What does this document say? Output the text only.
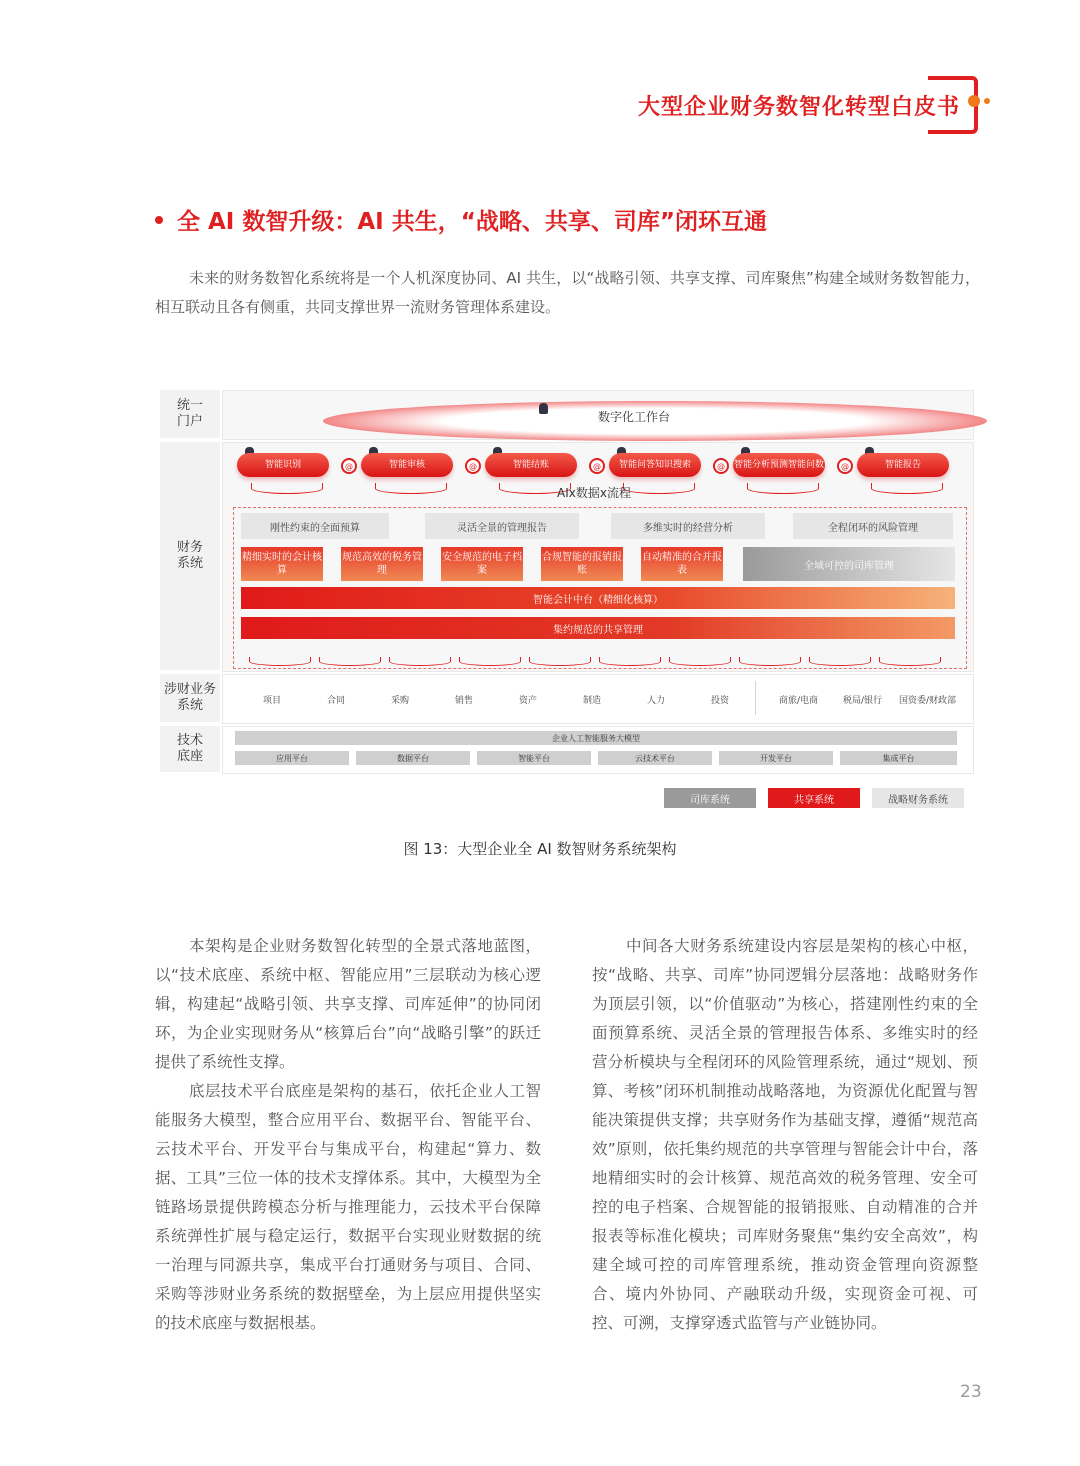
大型企业财务数智化转型白皮书
全 AI 数智升级：AI 共生，“战略、共享、司库”闭环互通
未来的财务数智化系统将是一个人机深度协同、AI 共生，以“战略引领、共享支撑、司库聚焦”构建全域财务数智能力，相互联动且各有侧重，共同支撑世界一流财务管理体系建设。
统一门户
财务系统
涉财业务系统
技术底座
数字化工作台
智能识别	@	智能审核	@	智能结账	@	智能问答知识搜索	@ 智能分析预测智能问数	@	智能报告
AIx数据x流程
刚性约束的全面预算	灵活全景的管理报告	多维实时的经营分析	全程闭环的风险管理
精细实时的会计核算
规范高效的税务管理
安全规范的电子档案
合规智能的报销报账
自动精准的合并报表	全域可控的司库管理
智能会计中台（精细化核算）
集约规范的共享管理
项目	合同	采购	销售	资产	制造	人力	投资	商旅/电商	税局/银行 国资委/财政部
企业人工智能服务大模型
应用平台	数据平台	智能平台	云技术平台	开发平台	集成平台
司库系统	共享系统	战略财务系统
图 13：大型企业全 AI 数智财务系统架构

本架构是企业财务数智化转型的全景式落地蓝图，以“技术底座、系统中枢、智能应用”三层联动为核心逻辑，构建起“战略引领、共享支撑、司库延伸”的协同闭环，为企业实现财务从“核算后台”向“战略引擎”的跃迁提供了系统性支撑。

底层技术平台底座是架构的基石，依托企业人工智能服务大模型，整合应用平台、数据平台、智能平台、云技术平台、开发平台与集成平台，构建起“算力、数据、工具”三位一体的技术支撑体系。其中，大模型为全链路场景提供跨模态分析与推理能力，云技术平台保障系统弹性扩展与稳定运行，数据平台实现业财数据的统一治理与同源共享，集成平台打通财务与项目、合同、采购等涉财业务系统的数据壁垒，为上层应用提供坚实的技术底座与数据根基。

中间各大财务系统建设内容层是架构的核心中枢，按“战略、共享、司库”协同逻辑分层落地：战略财务作为顶层引领，以“价值驱动”为核心，搭建刚性约束的全面预算系统、灵活全景的管理报告体系、多维实时的经营分析模块与全程闭环的风险管理系统，通过“规划、预算、考核”闭环机制推动战略落地，为资源优化配置与智能决策提供支撑；共享财务作为基础支撑，遵循“规范高效”原则，依托集约规范的共享管理与智能会计中台，落地精细实时的会计核算、规范高效的税务管理、安全可控的电子档案、合规智能的报销报账、自动精准的合并报表等标准化模块；司库财务聚焦“集约安全高效”，构建全域可控的司库管理系统，推动资金管理向资源整合、境内外协同、产融联动升级，实现资金可视、可控、可溯，支撑穿透式监管与产业链协同。

23
